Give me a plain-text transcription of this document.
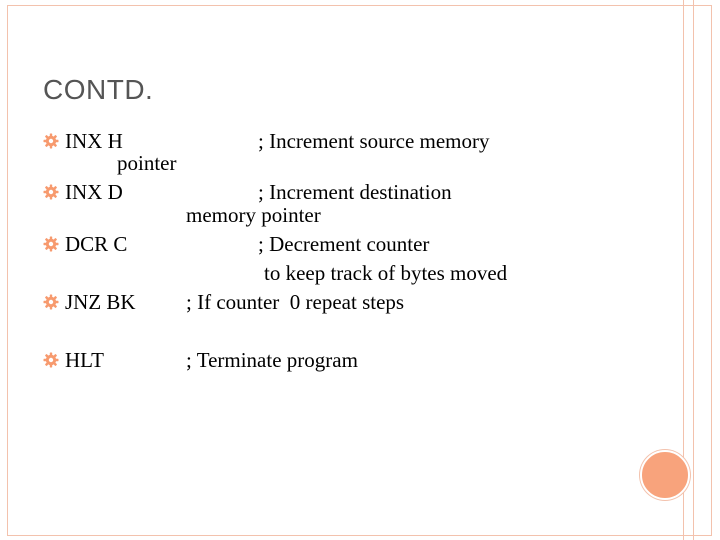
CONTD.
INX H	; Increment source memory
pointer
INX D	; Increment destination
memory pointer
DCR C	; Decrement counter
to keep track of bytes moved
JNZ BK ; If counter  0 repeat steps
HLT	; Terminate program
